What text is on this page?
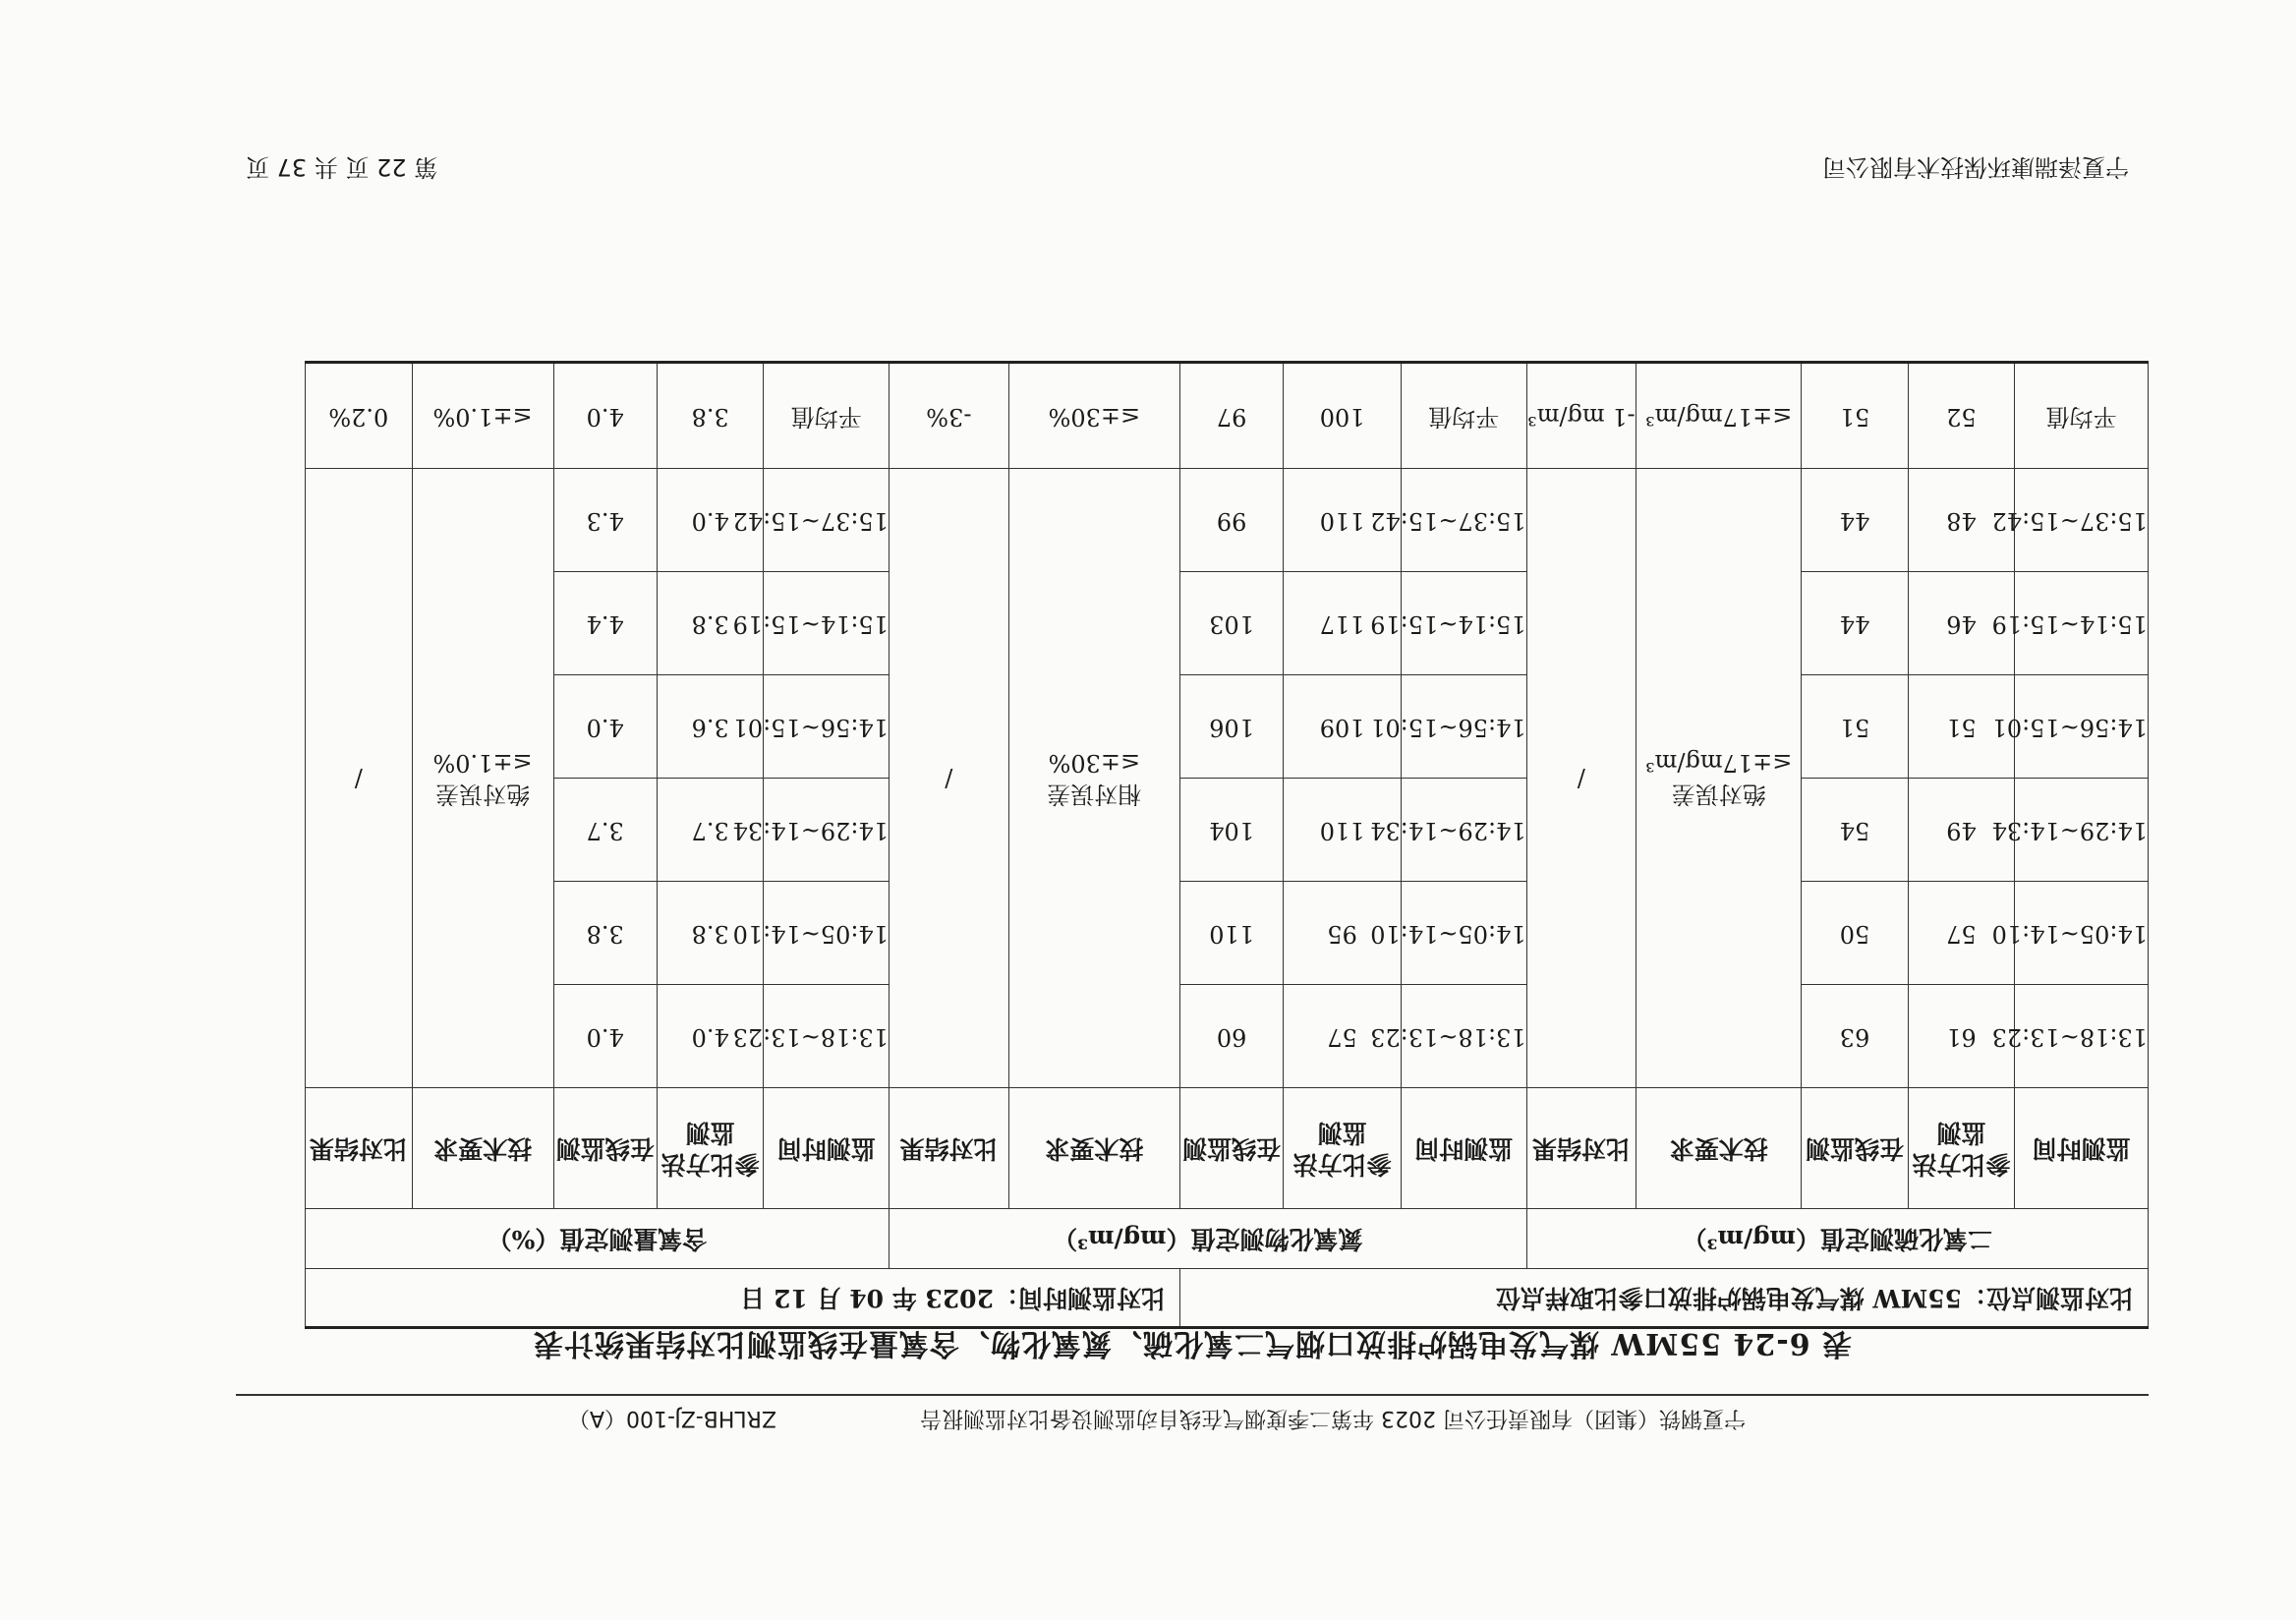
ZRLHB-ZJ-100（A）	宁夏钢铁（集团）有限责任公司 2023 年第二季度烟气在线自动监测设备比对监测报告
表 6-24 55MW 煤气发电锅炉排放口烟气二氧化硫、氮氧化物、含氧量在线监测比对结果统计表
比对监测点位：55MW 煤气发电锅炉排放口参比取样点位								比对监测时间：2023 年 04 月 12 日						
二氧化硫测定值（mg/m³）					氮氧化物测定值（mg/m³）					含氧量测定值（%）				
监测时间	参比方法监测	在线监测	技术要求	比对结果	监测时间	参比方法监测	在线监测	技术要求	比对结果	监测时间	参比方法监测	在线监测	技术要求	比对结果
13:18~13:23	61	63	绝对误差≤±17mg/m³	/	13:18~13:23	57	60	相对误差≤±30%	/	13:18~13:23	4.0	4.0	绝对误差≤±1.0%	/
14:05~14:10	57	50			14:05~14:10	95	110			14:05~14:10	3.8	3.8		
14:29~14:34	49	54			14:29~14:34	110	104			14:29~14:34	3.7	3.7		
14:56~15:01	51	51			14:56~15:01	109	106			14:56~15:01	3.6	4.0		
15:14~15:19	46	44			15:14~15:19	117	103			15:14~15:19	3.8	4.4		
15:37~15:42	48	44			15:37~15:42	110	99			15:37~15:42	4.0	4.3		
平均值	52	51	≤±17mg/m³	-1 mg/m³	平均值	100	97	≤±30%	-3%	平均值	3.8	4.0	≤±1.0%	0.2%
宁夏泽瑞康环保技术有限公司
第 22 页 共 37 页
